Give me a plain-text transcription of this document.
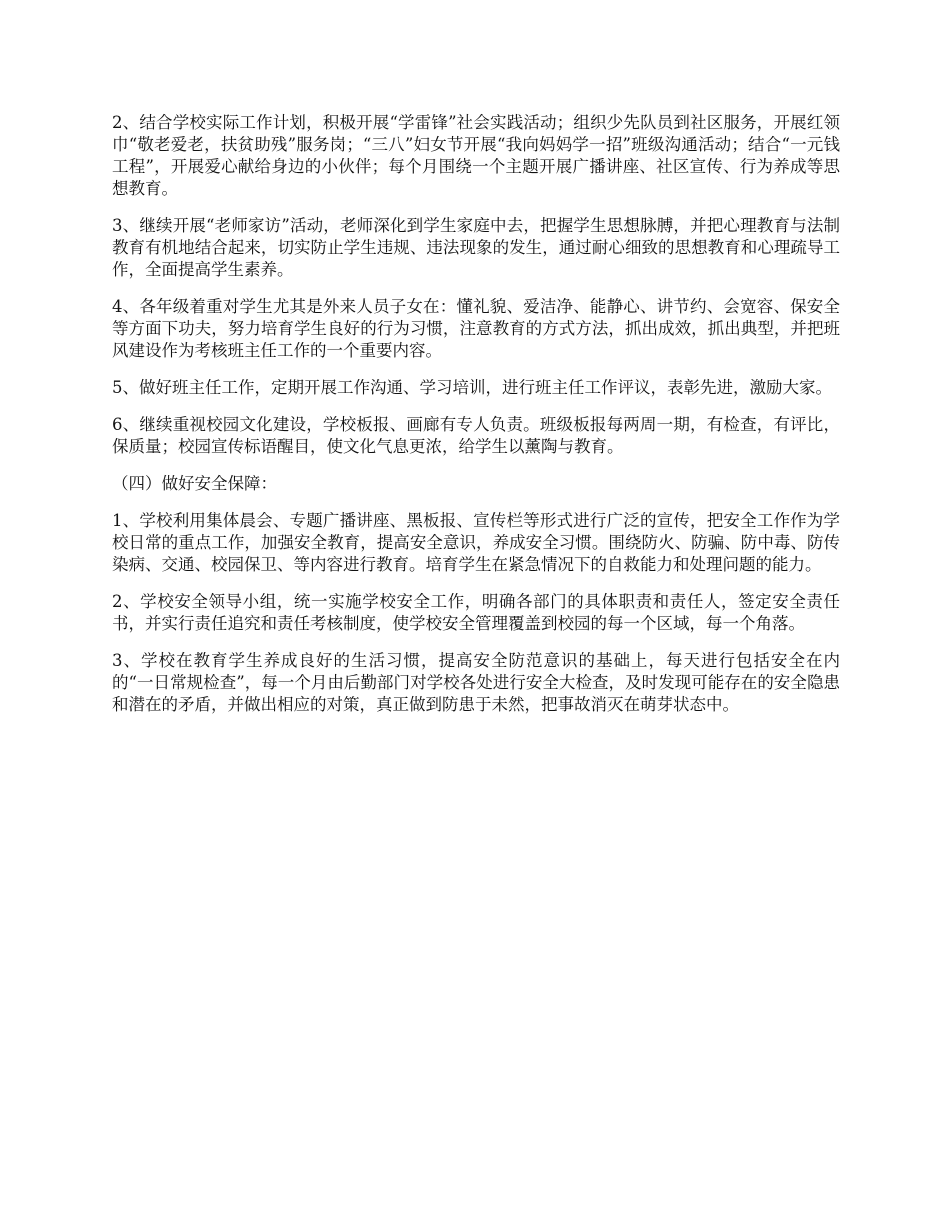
2、结合学校实际工作计划，积极开展“学雷锋”社会实践活动；组织少先队员到社区服务，开展红领巾“敬老爱老，扶贫助残”服务岗；“三八”妇女节开展“我向妈妈学一招”班级沟通活动；结合“一元钱工程”，开展爱心献给身边的小伙伴；每个月围绕一个主题开展广播讲座、社区宣传、行为养成等思想教育。

3、继续开展“老师家访”活动，老师深化到学生家庭中去，把握学生思想脉膊，并把心理教育与法制教育有机地结合起来，切实防止学生违规、违法现象的发生，通过耐心细致的思想教育和心理疏导工作，全面提高学生素养。

4、各年级着重对学生尤其是外来人员子女在：懂礼貌、爱洁净、能静心、讲节约、会宽容、保安全等方面下功夫，努力培育学生良好的行为习惯，注意教育的方式方法，抓出成效，抓出典型，并把班风建设作为考核班主任工作的一个重要内容。

5、做好班主任工作，定期开展工作沟通、学习培训，进行班主任工作评议，表彰先进，激励大家。

6、继续重视校园文化建设，学校板报、画廊有专人负责。班级板报每两周一期，有检查，有评比，保质量；校园宣传标语醒目，使文化气息更浓，给学生以薰陶与教育。

（四）做好安全保障：

1、学校利用集体晨会、专题广播讲座、黑板报、宣传栏等形式进行广泛的宣传，把安全工作作为学校日常的重点工作，加强安全教育，提高安全意识，养成安全习惯。围绕防火、防骗、防中毒、防传染病、交通、校园保卫、等内容进行教育。培育学生在紧急情况下的自救能力和处理问题的能力。

2、学校安全领导小组，统一实施学校安全工作，明确各部门的具体职责和责任人，签定安全责任书，并实行责任追究和责任考核制度，使学校安全管理覆盖到校园的每一个区域，每一个角落。

3、学校在教育学生养成良好的生活习惯，提高安全防范意识的基础上，每天进行包括安全在内的“一日常规检查”，每一个月由后勤部门对学校各处进行安全大检查，及时发现可能存在的安全隐患和潜在的矛盾，并做出相应的对策，真正做到防患于未然，把事故消灭在萌芽状态中。
